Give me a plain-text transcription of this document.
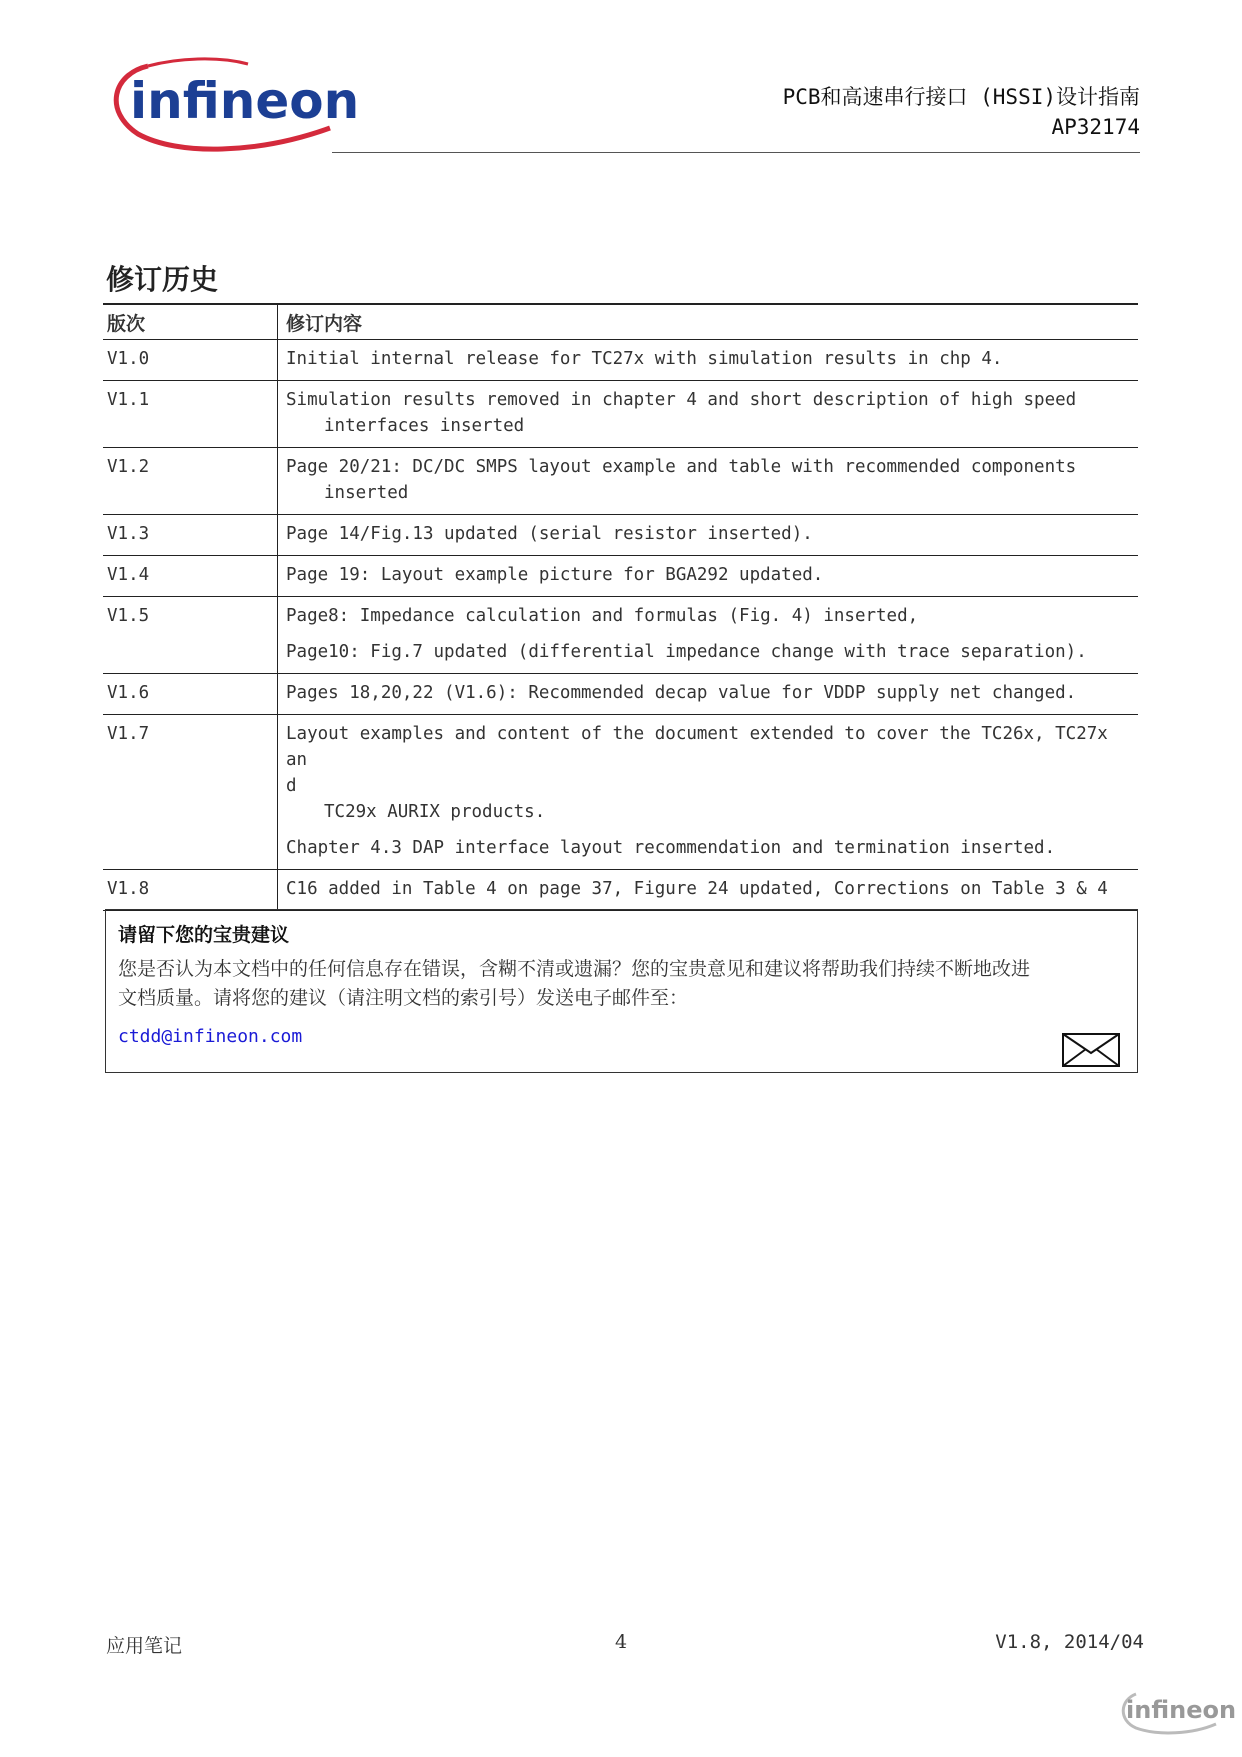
infineon	PCB和高速串行接口 (HSSI)设计指南
AP32174
修订历史
版次	修订内容
V1.0	Initial internal release for TC27x with simulation results in chp 4.

V1.1	Simulation results removed in chapter 4 and short description of high speed
interfaces inserted

V1.2	Page 20/21: DC/DC SMPS layout example and table with recommended components
inserted

V1.3	Page 14/Fig.13 updated (serial resistor inserted).

V1.4	Page 19: Layout example picture for BGA292 updated.

V1.5	Page8: Impedance calculation and formulas (Fig. 4) inserted,
Page10: Fig.7 updated (differential impedance change with trace separation).

V1.6	Pages 18,20,22 (V1.6): Recommended decap value for VDDP supply net changed.

V1.7	Layout examples and content of the document extended to cover the TC26x, TC27x an
d
TC29x AURIX products.
Chapter 4.3 DAP interface layout recommendation and termination inserted.

V1.8	C16 added in Table 4 on page 37, Figure 24 updated, Corrections on Table 3 & 4
请留下您的宝贵建议
您是否认为本文档中的任何信息存在错误，含糊不清或遗漏？您的宝贵意见和建议将帮助我们持续不断地改进
文档质量。请将您的建议（请注明文档的索引号）发送电子邮件至：
ctdd@infineon.com
应用笔记	4	V1.8, 2014/04
infineon
